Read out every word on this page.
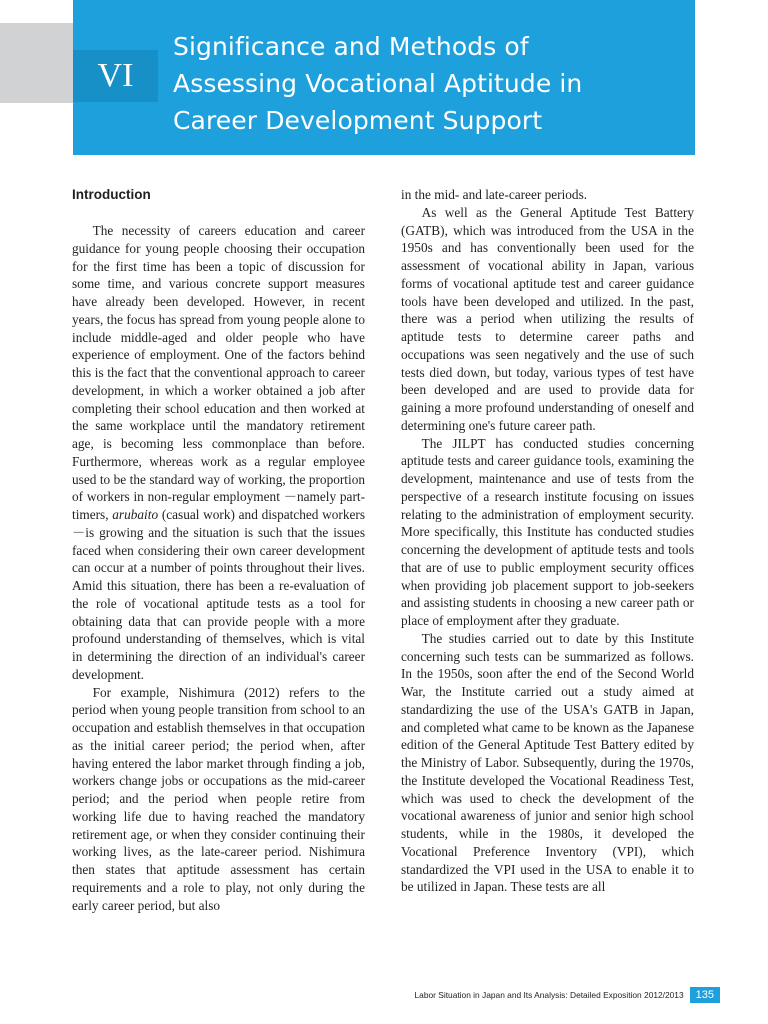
VI
Significance and Methods of
Assessing Vocational Aptitude in
Career Development Support
Introduction

The necessity of careers education and career guidance for young people choosing their occupation for the first time has been a topic of discussion for some time, and various concrete support measures have already been developed. However, in recent years, the focus has spread from young people alone to include middle-aged and older people who have experience of employment. One of the factors behind this is the fact that the conventional approach to career development, in which a worker obtained a job after completing their school education and then worked at the same workplace until the mandatory retirement age, is becoming less commonplace than before. Furthermore, whereas work as a regular employee used to be the standard way of working, the proportion of workers in non-regular employment －namely part-timers, arubaito (casual work) and dispatched workers－is growing and the situation is such that the issues faced when considering their own career development can occur at a number of points throughout their lives. Amid this situation, there has been a re-evaluation of the role of vocational aptitude tests as a tool for obtaining data that can provide people with a more profound understanding of themselves, which is vital in determining the direction of an individual's career development.

For example, Nishimura (2012) refers to the period when young people transition from school to an occupation and establish themselves in that occupation as the initial career period; the period when, after having entered the labor market through finding a job, workers change jobs or occupations as the mid-career period; and the period when people retire from working life due to having reached the mandatory retirement age, or when they consider continuing their working lives, as the late-career period. Nishimura then states that aptitude assessment has certain requirements and a role to play, not only during the early career period, but also

in the mid- and late-career periods.

As well as the General Aptitude Test Battery (GATB), which was introduced from the USA in the 1950s and has conventionally been used for the assessment of vocational ability in Japan, various forms of vocational aptitude test and career guidance tools have been developed and utilized. In the past, there was a period when utilizing the results of aptitude tests to determine career paths and occupations was seen negatively and the use of such tests died down, but today, various types of test have been developed and are used to provide data for gaining a more profound understanding of oneself and determining one's future career path.

The JILPT has conducted studies concerning aptitude tests and career guidance tools, examining the development, maintenance and use of tests from the perspective of a research institute focusing on issues relating to the administration of employment security. More specifically, this Institute has conducted studies concerning the development of aptitude tests and tools that are of use to public employment security offices when providing job placement support to job-seekers and assisting students in choosing a new career path or place of employment after they graduate.

The studies carried out to date by this Institute concerning such tests can be summarized as follows. In the 1950s, soon after the end of the Second World War, the Institute carried out a study aimed at standardizing the use of the USA's GATB in Japan, and completed what came to be known as the Japanese edition of the General Aptitude Test Battery edited by the Ministry of Labor. Subsequently, during the 1970s, the Institute developed the Vocational Readiness Test, which was used to check the development of the vocational awareness of junior and senior high school students, while in the 1980s, it developed the Vocational Preference Inventory (VPI), which standardized the VPI used in the USA to enable it to be utilized in Japan. These tests are all

Labor Situation in Japan and Its Analysis: Detailed Exposition 2012/2013	135
